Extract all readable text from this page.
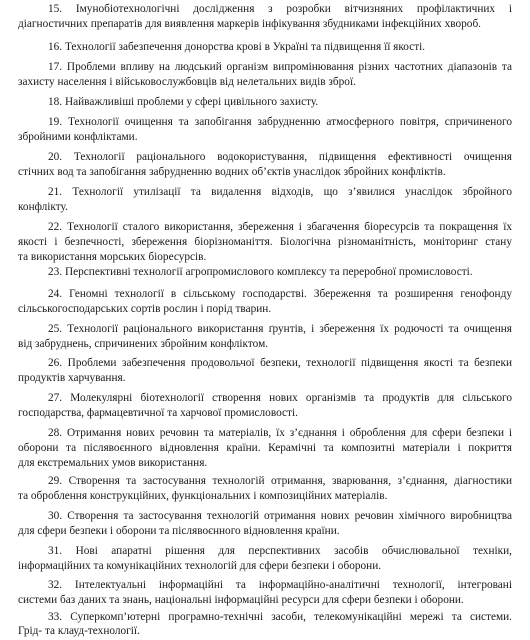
15. Імунобіотехнологічні дослідження з розробки вітчизняних профілактичних і
діагностичних препаратів для виявлення маркерів інфікування збудниками інфекційних хвороб.
16. Технології забезпечення донорства крові в Україні та підвищення її якості.
17. Проблеми впливу на людський організм випромінювання різних частотних діапазонів та
захисту населення і військовослужбовців від нелетальних видів зброї.
18. Найважливіші проблеми у сфері цивільного захисту.
19. Технології очищення та запобігання забрудненню атмосферного повітря, спричиненого
збройними конфліктами.
20. Технології раціонального водокористування, підвищення ефективності очищення
стічних вод та запобігання забрудненню водних об’єктів унаслідок збройних конфліктів.
21. Технології утилізації та видалення відходів, що з’явилися унаслідок збройного
конфлікту.
22. Технології сталого використання, збереження і збагачення біоресурсів та покращення їх
якості і безпечності, збереження біорізноманіття. Біологічна різноманітність, моніторинг стану
та використання морських біоресурсів.
23. Перспективні технології агропромислового комплексу та переробної промисловості.
24. Геномні технології в сільському господарстві. Збереження та розширення генофонду
сільськогосподарських сортів рослин і порід тварин.
25. Технології раціонального використання ґрунтів, і збереження їх родючості та очищення
від забруднень, спричинених збройним конфліктом.
26. Проблеми забезпечення продовольчої безпеки, технології підвищення якості та безпеки
продуктів харчування.
27. Молекулярні біотехнології створення нових організмів та продуктів для сільського
господарства, фармацевтичної та харчової промисловості.
28. Отримання нових речовин та матеріалів, їх з’єднання і оброблення для сфери безпеки і
оборони та післявоєнного відновлення країни. Керамічні та композитні матеріали і покриття
для екстремальних умов використання.
29. Створення та застосування технологій отримання, зварювання, з’єднання, діагностики
та оброблення конструкційних, функціональних і композиційних матеріалів.
30. Створення та застосування технологій отримання нових речовин хімічного виробництва
для сфери безпеки і оборони та післявоєнного відновлення країни.
31. Нові апаратні рішення для перспективних засобів обчислювальної техніки,
інформаційних та комунікаційних технологій для сфери безпеки і оборони.
32. Інтелектуальні інформаційні та інформаційно-аналітичні технології, інтегровані
системи баз даних та знань, національні інформаційні ресурси для сфери безпеки і оборони.
33. Суперкомп’ютерні програмно-технічні засоби, телекомунікаційні мережі та системи.
Грід- та клауд-технології.
